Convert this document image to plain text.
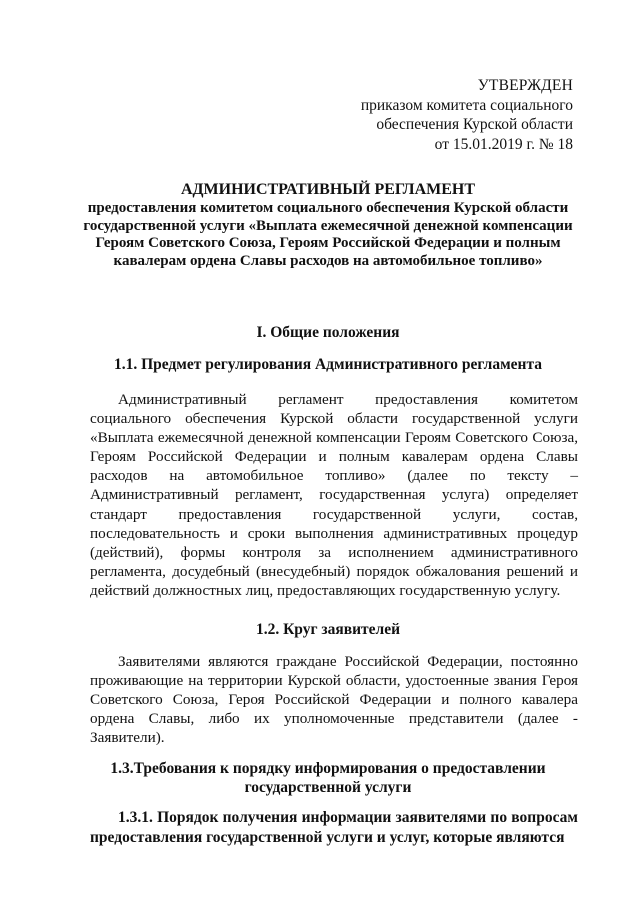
УТВЕРЖДЕН
приказом комитета социального
обеспечения Курской области
от 15.01.2019 г. № 18
АДМИНИСТРАТИВНЫЙ РЕГЛАМЕНТ
предоставления комитетом социального обеспечения Курской области государственной услуги «Выплата ежемесячной денежной компенсации Героям Советского Союза, Героям Российской Федерации и полным кавалерам ордена Славы расходов на автомобильное топливо»
I. Общие положения
1.1. Предмет регулирования Административного регламента
Административный регламент предоставления комитетом социального обеспечения Курской области государственной услуги «Выплата ежемесячной денежной компенсации Героям Советского Союза, Героям Российской Федерации и полным кавалерам ордена Славы расходов на автомобильное топливо» (далее по тексту – Административный регламент, государственная услуга) определяет стандарт предоставления государственной услуги, состав, последовательность и сроки выполнения административных процедур (действий), формы контроля за исполнением административного регламента, досудебный (внесудебный) порядок обжалования решений и действий должностных лиц, предоставляющих государственную услугу.
1.2. Круг заявителей
Заявителями являются граждане Российской Федерации, постоянно проживающие на территории Курской области, удостоенные звания Героя Советского Союза, Героя Российской Федерации и полного кавалера ордена Славы, либо их уполномоченные представители (далее - Заявители).
1.3.Требования к порядку информирования о предоставлении
государственной услуги
1.3.1. Порядок получения информации заявителями по вопросам предоставления государственной услуги и услуг, которые являются
